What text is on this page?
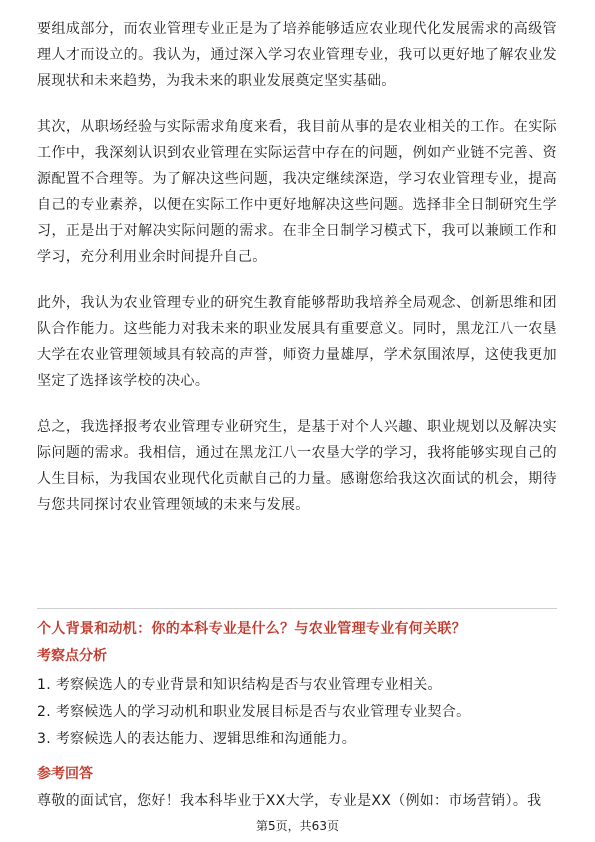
要组成部分，而农业管理专业正是为了培养能够适应农业现代化发展需求的高级管理人才而设立的。我认为，通过深入学习农业管理专业，我可以更好地了解农业发展现状和未来趋势，为我未来的职业发展奠定坚实基础。

其次，从职场经验与实际需求角度来看，我目前从事的是农业相关的工作。在实际工作中，我深刻认识到农业管理在实际运营中存在的问题，例如产业链不完善、资源配置不合理等。为了解决这些问题，我决定继续深造，学习农业管理专业，提高自己的专业素养，以便在实际工作中更好地解决这些问题。选择非全日制研究生学习，正是出于对解决实际问题的需求。在非全日制学习模式下，我可以兼顾工作和学习，充分利用业余时间提升自己。

此外，我认为农业管理专业的研究生教育能够帮助我培养全局观念、创新思维和团队合作能力。这些能力对我未来的职业发展具有重要意义。同时，黑龙江八一农垦大学在农业管理领域具有较高的声誉，师资力量雄厚，学术氛围浓厚，这使我更加坚定了选择该学校的决心。

总之，我选择报考农业管理专业研究生，是基于对个人兴趣、职业规划以及解决实际问题的需求。我相信，通过在黑龙江八一农垦大学的学习，我将能够实现自己的人生目标，为我国农业现代化贡献自己的力量。感谢您给我这次面试的机会，期待与您共同探讨农业管理领域的未来与发展。

个人背景和动机：你的本科专业是什么？与农业管理专业有何关联？
考察点分析
1. 考察候选人的专业背景和知识结构是否与农业管理专业相关。
2. 考察候选人的学习动机和职业发展目标是否与农业管理专业契合。
3. 考察候选人的表达能力、逻辑思维和沟通能力。
参考回答
尊敬的面试官，您好！我本科毕业于XX大学，专业是XX（例如：市场营销）。我
第5页，共63页
